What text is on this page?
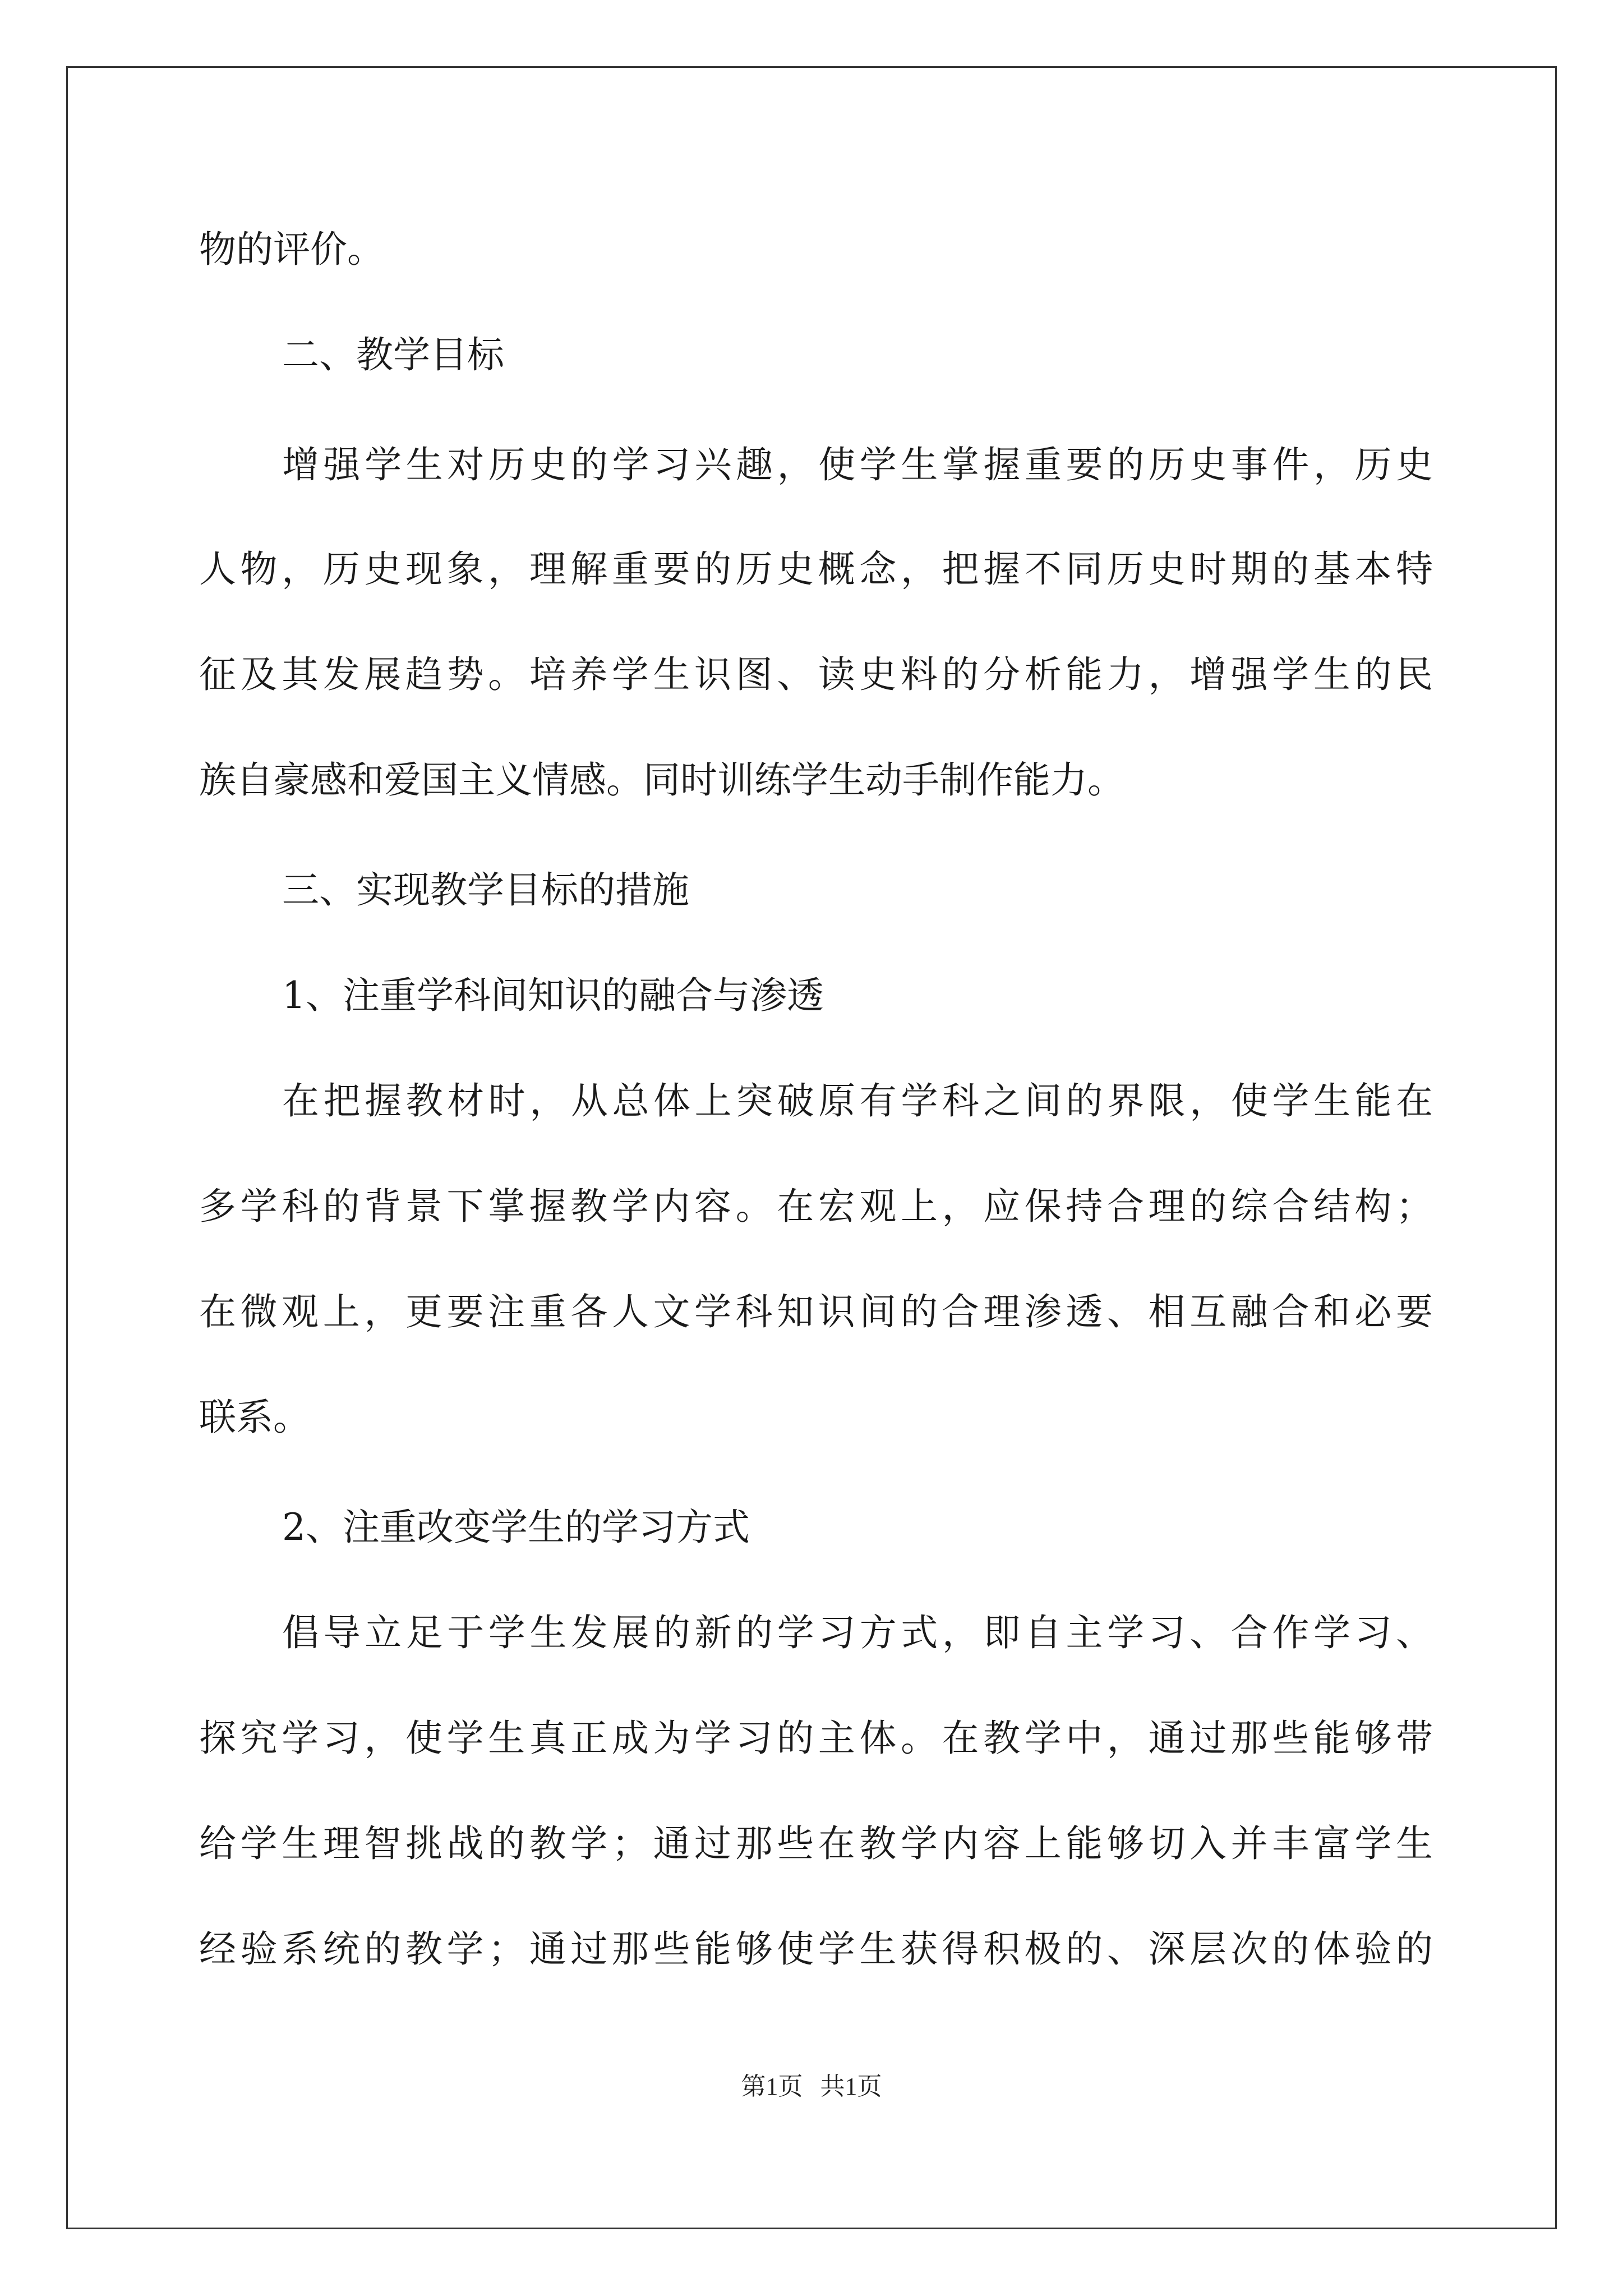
物的评价。
二、教学目标
增强学生对历史的学习兴趣，使学生掌握重要的历史事件，历史
人物，历史现象，理解重要的历史概念，把握不同历史时期的基本特
征及其发展趋势。培养学生识图、读史料的分析能力，增强学生的民
族自豪感和爱国主义情感。同时训练学生动手制作能力。
三、实现教学目标的措施
1、注重学科间知识的融合与渗透
在把握教材时，从总体上突破原有学科之间的界限，使学生能在
多学科的背景下掌握教学内容。在宏观上，应保持合理的综合结构；
在微观上，更要注重各人文学科知识间的合理渗透、相互融合和必要
联系。
2、注重改变学生的学习方式
倡导立足于学生发展的新的学习方式，即自主学习、合作学习、
探究学习，使学生真正成为学习的主体。在教学中，通过那些能够带
给学生理智挑战的教学；通过那些在教学内容上能够切入并丰富学生
经验系统的教学；通过那些能够使学生获得积极的、深层次的体验的
第1页 共1页
